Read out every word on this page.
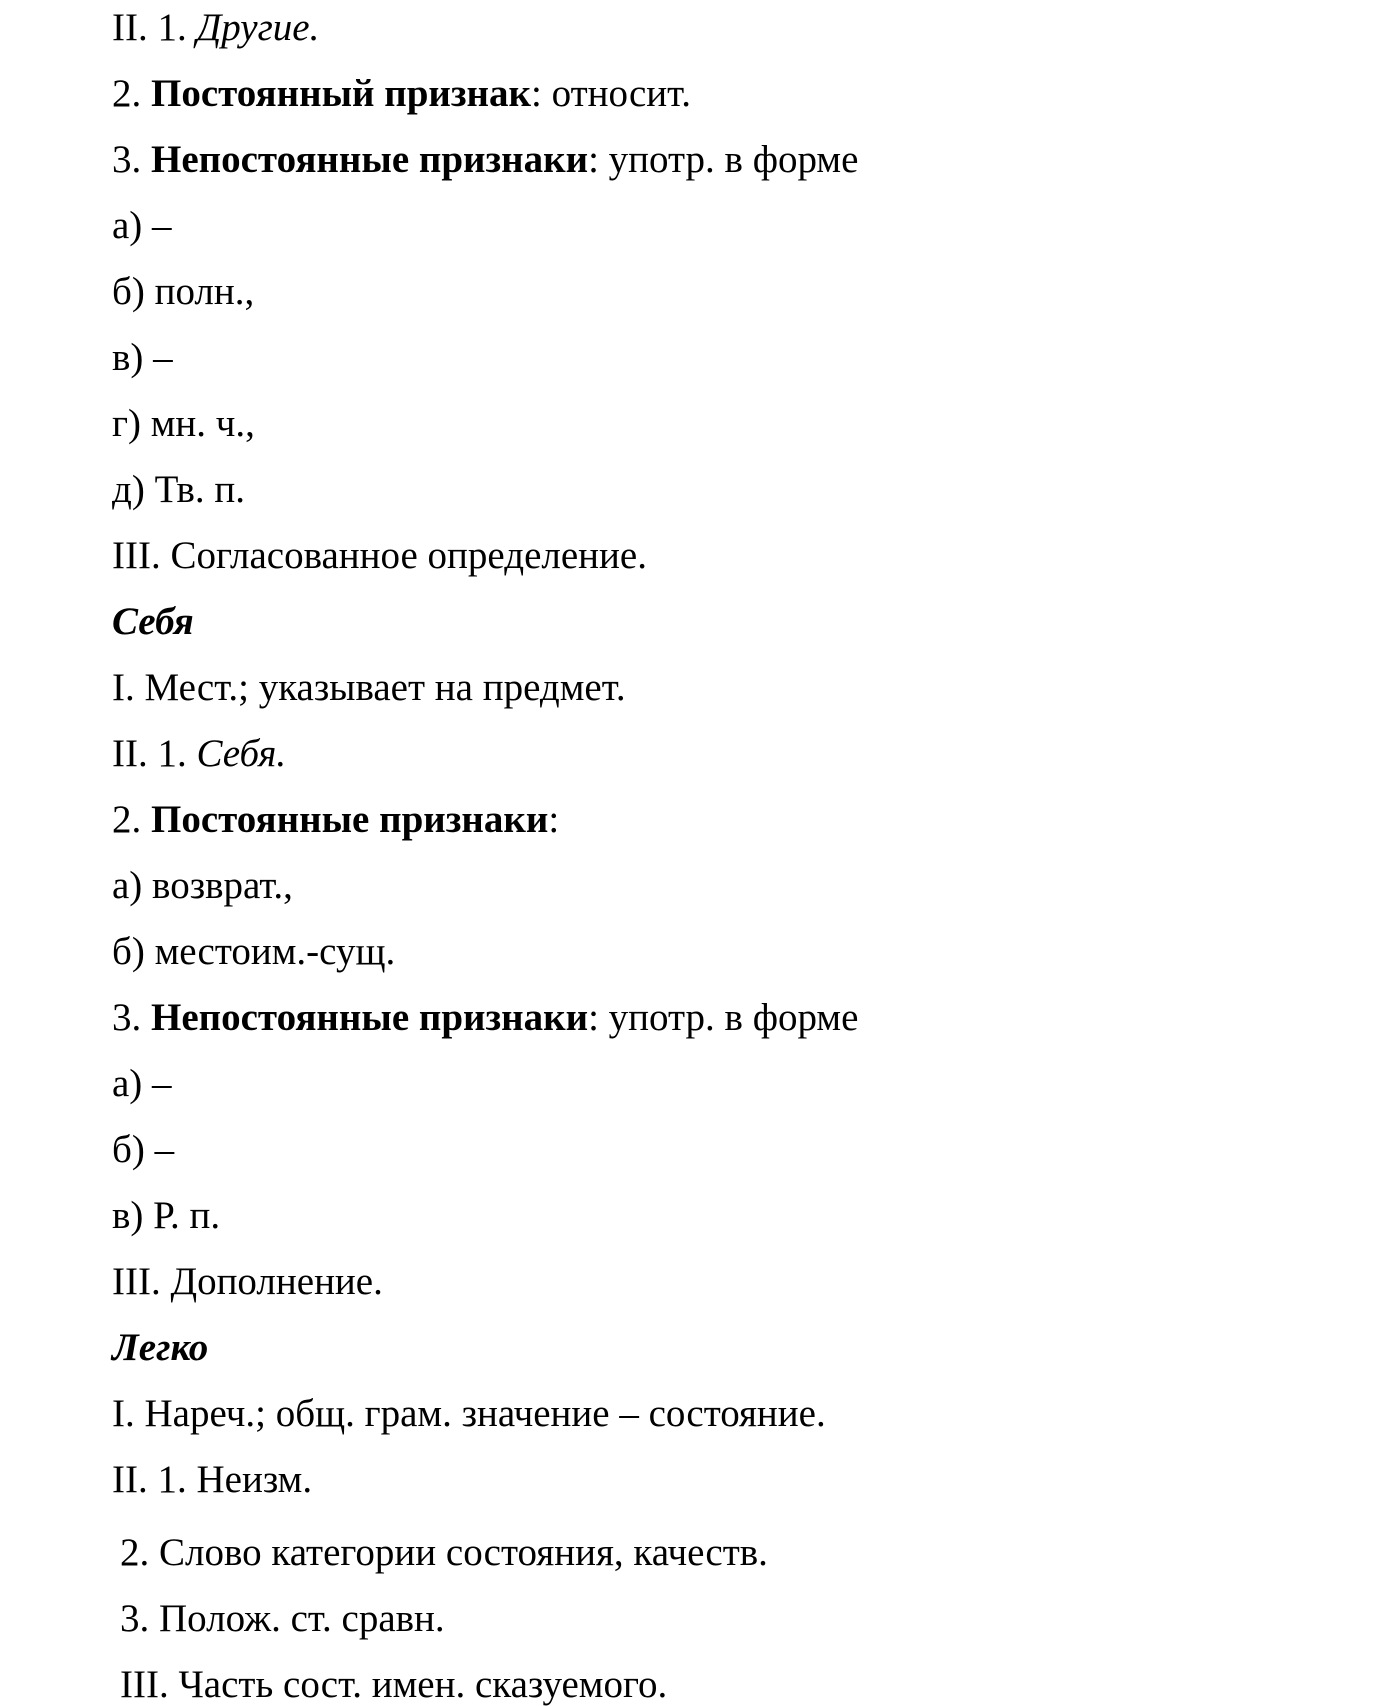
II. 1. Другие.
2. Постоянный признак: относит.
3. Непостоянные признаки: употр. в форме
а) –
б) полн.,
в) –
г) мн. ч.,
д) Тв. п.
III. Согласованное определение.
Себя
I. Мест.; указывает на предмет.
II. 1. Себя.
2. Постоянные признаки:
а) возврат.,
б) местоим.-сущ.
3. Непостоянные признаки: употр. в форме
а) –
б) –
в) Р. п.
III. Дополнение.
Легко
I. Нареч.; общ. грам. значение – состояние.
II. 1. Неизм.
2. Слово категории состояния, качеств.
3. Полож. ст. сравн.
III. Часть сост. имен. сказуемого.
